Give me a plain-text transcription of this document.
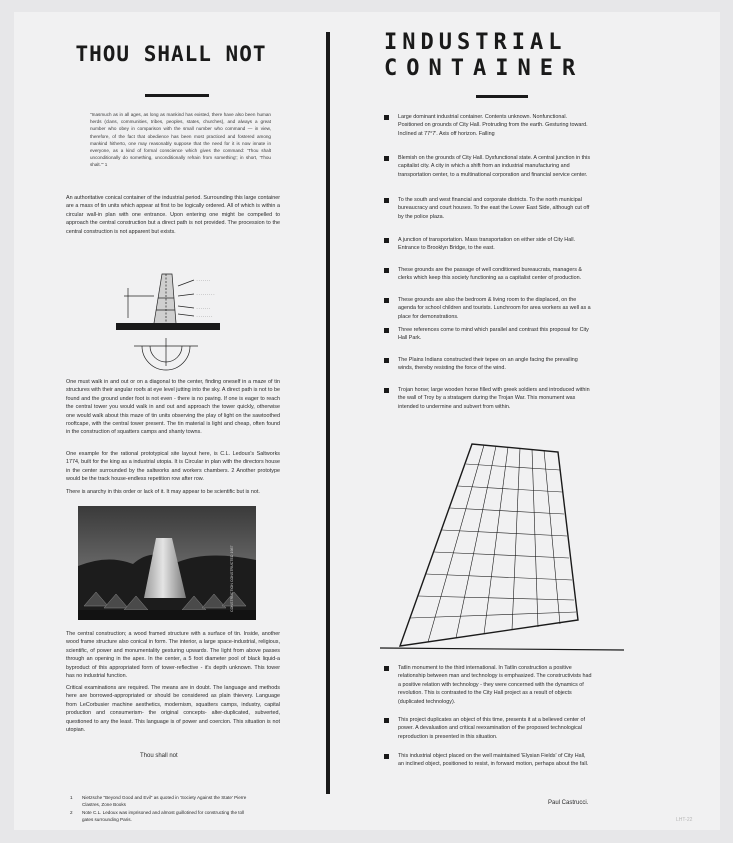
THOU SHALL NOT
"Inasmuch as in all ages, as long as mankind has existed, there have also been human herds (clans, communities, tribes, peoples, states, churches), and always a great number who obey in comparison with the small number who command — in view, therefore, of the fact that obedience has been most practiced and fostered among mankind hitherto, one may reasonably suppose that the need for it is now innate in everyone, as a kind of formal conscience which gives the command: 'Thou shalt unconditionally do something, unconditionally refrain from something'; in short, 'Thou shalt.'" 1
An authoritative conical container of the industrial period. Surrounding this large container are a mass of tin units which appear at first to be logically ordered. All of which is within a circular wall-in plan with one entrance. Upon entering one might be compelled to approach the central construction but a direct path is not provided. The procession to the central construction is not apparent but exists.
.......
.........
.......
........
One must walk in and out or on a diagonal to the center, finding oneself in a maze of tin structures with their angular roofs at eye level jutting into the sky. A direct path is not to be found and the ground under foot is not even - there is no paving. If one is eager to reach the central tower you would walk in and out and approach the tower quickly, otherwise one would walk about this maze of tin units observing the play of light on the sawtoothed rooftcape, with the central tower present. The tin material is light and cheap, often found in the construction of squatters camps and shanty towns.
One example for the rational prototypical site layout here, is C.L. Ledoux's Saltworks 1774, built for the king as a industrial utopia. It is Circular in plan with the directors house in the center surrounded by the saltworks and workers chambers. 2 Another prototype would be the track house-endless repetition row after row.
There is anarchy in this order or lack of it. It may appear to be scientific but is not.
CONSTRUCTION CONSTRUCTED 1987
The central construction; a wood framed structure with a surface of tin. Inside, another wood frame structure also conical in form. The interior, a large space-industrial, religious, scientific, of power and monumentality gesturing upwards. The light from above passes through an opening in the apex. In the center, a 5 foot diameter pool of black liquid-a byproduct of this appropriated form of tower-reflective - it's depth unknown. This tower has no industrial function.
Critical examinations are required. The means are in doubt. The language and methods here are borrowed-appropriated or should be considered as plain thievery. Language from LeCorbusier machine aesthetics, modernism, squatters camps, industry, capital production and consumerism- the original concepts- alter-duplicated, subverted, questioned to any the least. This language is of power and coercion. This situation is not utopian.
Thou shall not
1 Nietzsche "Beyond Good and Evil" as quoted in 'Society Against the State' Pierre Clastres, Zone Books
2 Note C.L. Ledoux was imprisoned and almost guillotined for constructing the toll gates surrounding Paris.
INDUSTRIAL
CONTAINER
Large dominant industrial container. Contents unknown. Nonfunctional. Positioned on grounds of City Hall. Protruding from the earth. Gesturing toward. Inclined at 77°7'. Axis off horizon. Falling
Blemish on the grounds of City Hall. Dysfunctional state. A central junction in this capitalist city. A city in which a shift from an industrial manufacturing and transportation center, to a multinational corporation and financial service center.
To the south and west financial and corporate districts. To the north municipal bureaucracy and court houses. To the east the Lower East Side, although cut off by the police plaza.
A junction of transportation. Mass transportation on either side of City Hall. Entrance to Brooklyn Bridge, to the east.
These grounds are the passage of well conditioned bureaucrats, managers & clerks which keep this society functioning as a capitalist center of production.
These grounds are also the bedroom & living room to the displaced, on the agenda for school children and tourists. Lunchroom for area workers as well as a place for demonstrations.
Three references come to mind which parallel and contrast this proposal for City Hall Park.
The Plains Indians constructed their tepee on an angle facing the prevailing winds, thereby resisting the force of the wind.
Trojan horse; large wooden horse filled with greek soldiers and introduced within the wall of Troy by a stratagem during the Trojan War. This monument was intended to undermine and subvert from within.
Tatlin monument to the third international. In Tatlin construction a positive relationship between man and technology is emphasized. The constructivists had a positive relation with technology - they were concerned with the dynamics of revolution. This is contrasted to the City Hall project as a result of objects (duplicated technology).
This project duplicates an object of this time, presents it at a believed center of power. A devaluation and critical reexamination of the proposed technological reproduction is presented in this situation.
This industrial object placed on the well maintained 'Elysian Fields' of City Hall, an inclined object, positioned to resist, in forward motion, perhaps about the fall.
Paul Castrucci.
LHT-22
